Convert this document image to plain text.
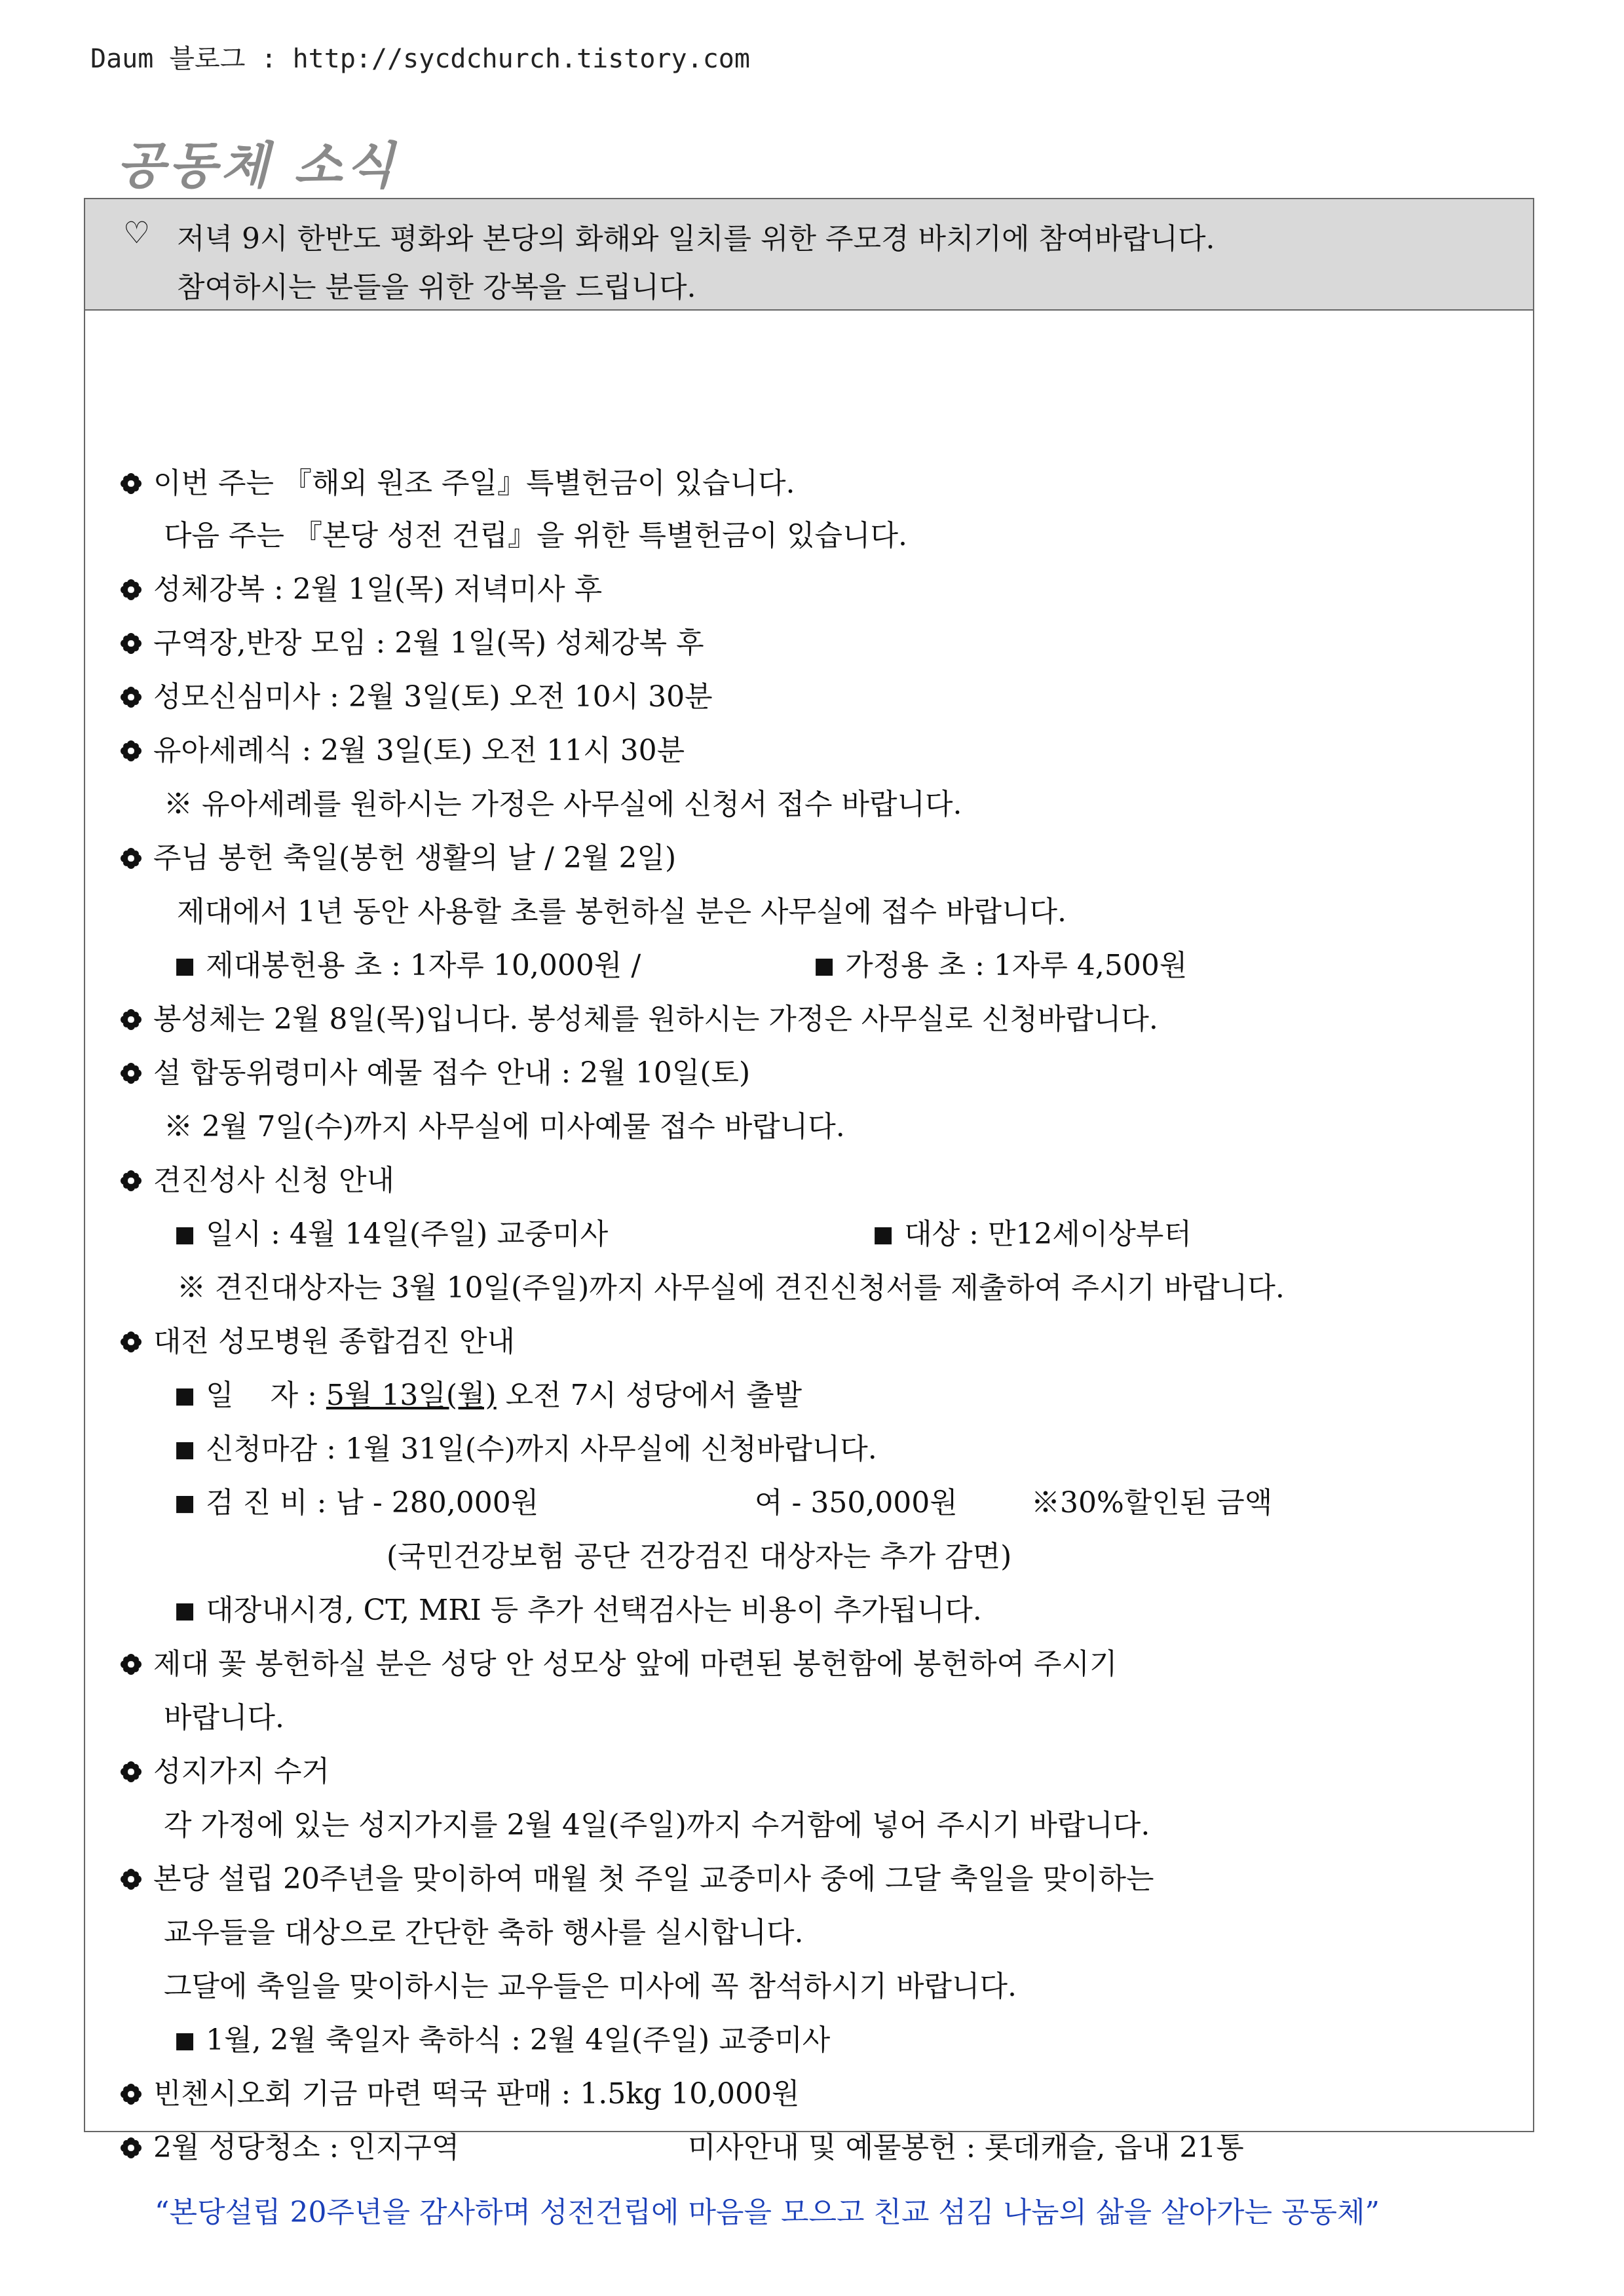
Daum 블로그 : http://sycdchurch.tistory.com
공동체 소식
♡ 저녁 9시 한반도 평화와 본당의 화해와 일치를 위한 주모경 바치기에 참여바랍니다.
참여하시는 분들을 위한 강복을 드립니다.
이번 주는 『해외 원조 주일』특별헌금이 있습니다.
다음 주는 『본당 성전 건립』을 위한 특별헌금이 있습니다.
성체강복 : 2월 1일(목) 저녁미사 후
구역장,반장 모임 : 2월 1일(목) 성체강복 후
성모신심미사 : 2월 3일(토) 오전 10시 30분
유아세례식 : 2월 3일(토) 오전 11시 30분
※ 유아세례를 원하시는 가정은 사무실에 신청서 접수 바랍니다.
주님 봉헌 축일(봉헌 생활의 날 / 2월 2일)
제대에서 1년 동안 사용할 초를 봉헌하실 분은 사무실에 접수 바랍니다.
■ 제대봉헌용 초 : 1자루 10,000원 /	■ 가정용 초 : 1자루 4,500원
봉성체는 2월 8일(목)입니다. 봉성체를 원하시는 가정은 사무실로 신청바랍니다.
설 합동위령미사 예물 접수 안내 : 2월 10일(토)
※ 2월 7일(수)까지 사무실에 미사예물 접수 바랍니다.
견진성사 신청 안내
■ 일시 : 4월 14일(주일) 교중미사	■ 대상 : 만12세이상부터
※ 견진대상자는 3월 10일(주일)까지 사무실에 견진신청서를 제출하여 주시기 바랍니다.
대전 성모병원 종합검진 안내
■ 일    자 : 5월 13일(월) 오전 7시 성당에서 출발
■ 신청마감 : 1월 31일(수)까지 사무실에 신청바랍니다.
■ 검 진 비 : 남 - 280,000원	여 - 350,000원	※30%할인된 금액
(국민건강보험 공단 건강검진 대상자는 추가 감면)
■ 대장내시경, CT, MRI 등 추가 선택검사는 비용이 추가됩니다.
제대 꽃 봉헌하실 분은 성당 안 성모상 앞에 마련된 봉헌함에 봉헌하여 주시기
바랍니다.
성지가지 수거
각 가정에 있는 성지가지를 2월 4일(주일)까지 수거함에 넣어 주시기 바랍니다.
본당 설립 20주년을 맞이하여 매월 첫 주일 교중미사 중에 그달 축일을 맞이하는
교우들을 대상으로 간단한 축하 행사를 실시합니다.
그달에 축일을 맞이하시는 교우들은 미사에 꼭 참석하시기 바랍니다.
■ 1월, 2월 축일자 축하식 : 2월 4일(주일) 교중미사
빈첸시오회 기금 마련 떡국 판매 : 1.5kg 10,000원
2월 성당청소 : 인지구역	미사안내 및 예물봉헌 : 롯데캐슬, 읍내 21통
“본당설립 20주년을 감사하며 성전건립에 마음을 모으고 친교 섬김 나눔의 삶을 살아가는 공동체”
